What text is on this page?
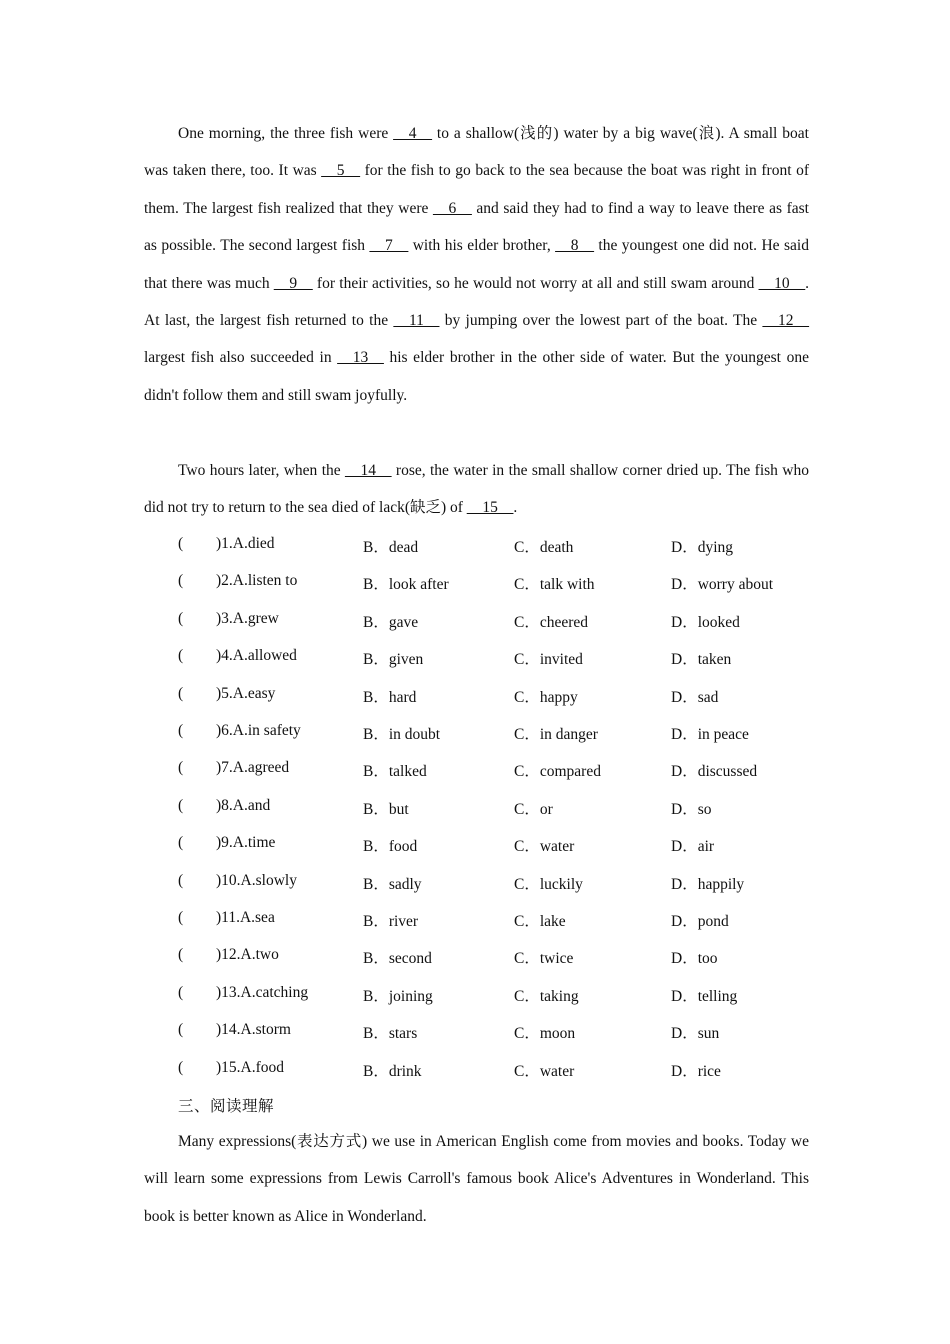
One morning, the three fish were __4__ to a shallow(浅的) water by a big wave(浪). A small boat was taken there, too. It was __5__ for the fish to go back to the sea because the boat was right in front of them. The largest fish realized that they were __6__ and said they had to find a way to leave there as fast as possible. The second largest fish __7__ with his elder brother, __8__ the youngest one did not. He said that there was much __9__ for their activities, so he would not worry at all and still swam around __10__. At last, the largest fish returned to the __11__ by jumping over the lowest part of the boat. The __12__ largest fish also succeeded in __13__ his elder brother in the other side of water. But the youngest one didn't follow them and still swam joyfully.

Two hours later, when the __14__ rose, the water in the small shallow corner dried up. The fish who did not try to return to the sea died of lack(缺乏) of __15__.

( )1.A.died	B．dead	C．death	D．dying
( )2.A.listen to	B．look after	C．talk with	D．worry about
( )3.A.grew	B．gave	C．cheered	D．looked
( )4.A.allowed	B．given	C．invited	D．taken
( )5.A.easy	B．hard	C．happy	D．sad
( )6.A.in safety	B．in doubt	C．in danger	D．in peace
( )7.A.agreed	B．talked	C．compared	D．discussed
( )8.A.and	B．but	C．or	D．so
( )9.A.time	B．food	C．water	D．air
( )10.A.slowly	B．sadly	C．luckily	D．happily
( )11.A.sea	B．river	C．lake	D．pond
( )12.A.two	B．second	C．twice	D．too
( )13.A.catching	B．joining	C．taking	D．telling
( )14.A.storm	B．stars	C．moon	D．sun
( )15.A.food	B．drink	C．water	D．rice
三、阅读理解

Many expressions(表达方式) we use in American English come from movies and books. Today we will learn some expressions from Lewis Carroll's famous book Alice's Adventures in Wonderland. This book is better known as Alice in Wonderland.
